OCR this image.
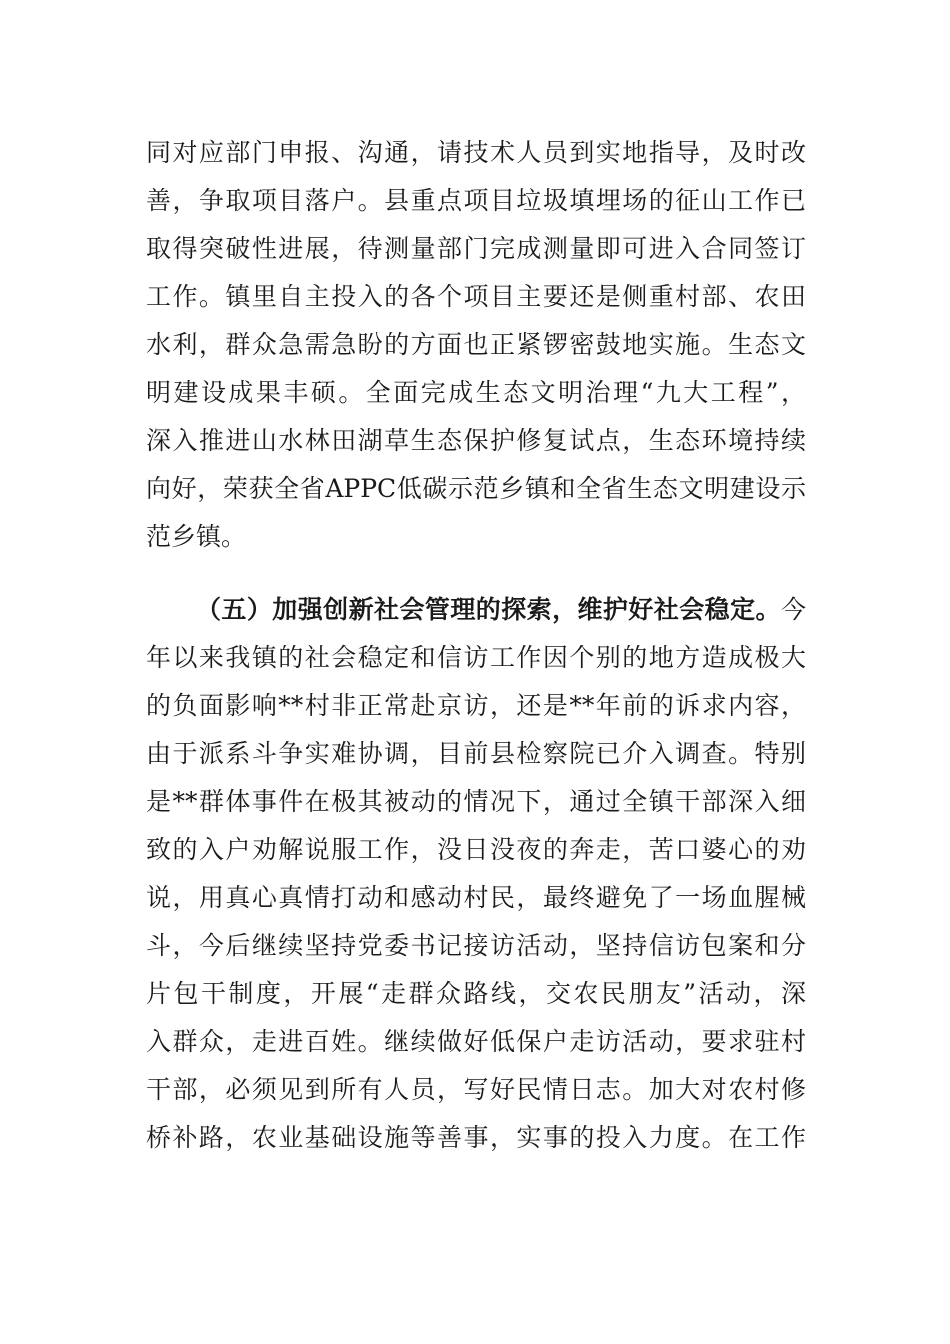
同对应部门申报、沟通，请技术人员到实地指导，及时改
善，争取项目落户。县重点项目垃圾填埋场的征山工作已
取得突破性进展，待测量部门完成测量即可进入合同签订
工作。镇里自主投入的各个项目主要还是侧重村部、农田
水利，群众急需急盼的方面也正紧锣密鼓地实施。生态文
明建设成果丰硕。全面完成生态文明治理“九大工程”，
深入推进山水林田湖草生态保护修复试点，生态环境持续
向好，荣获全省APPC低碳示范乡镇和全省生态文明建设示
范乡镇。
（五）加强创新社会管理的探索，维护好社会稳定。今
年以来我镇的社会稳定和信访工作因个别的地方造成极大
的负面影响**村非正常赴京访，还是**年前的诉求内容，
由于派系斗争实难协调，目前县检察院已介入调查。特别
是**群体事件在极其被动的情况下，通过全镇干部深入细
致的入户劝解说服工作，没日没夜的奔走，苦口婆心的劝
说，用真心真情打动和感动村民，最终避免了一场血腥械
斗，今后继续坚持党委书记接访活动，坚持信访包案和分
片包干制度，开展“走群众路线，交农民朋友”活动，深
入群众，走进百姓。继续做好低保户走访活动，要求驻村
干部，必须见到所有人员，写好民情日志。加大对农村修
桥补路，农业基础设施等善事，实事的投入力度。在工作
